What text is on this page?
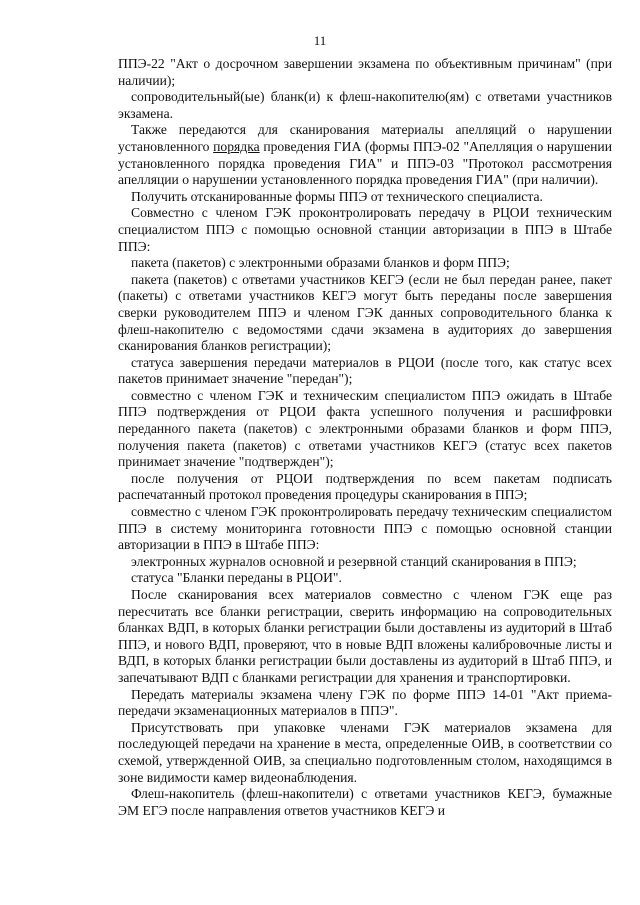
11

ППЭ-22 "Акт о досрочном завершении экзамена по объективным причинам" (при наличии);

сопроводительный(ые) бланк(и) к флеш-накопителю(ям) с ответами участников экзамена.

Также передаются для сканирования материалы апелляций о нарушении установленного порядка проведения ГИА (формы ППЭ-02 "Апелляция о нарушении установленного порядка проведения ГИА" и ППЭ-03 "Протокол рассмотрения апелляции о нарушении установленного порядка проведения ГИА" (при наличии).

Получить отсканированные формы ППЭ от технического специалиста.

Совместно с членом ГЭК проконтролировать передачу в РЦОИ техническим специалистом ППЭ с помощью основной станции авторизации в ППЭ в Штабе ППЭ:

пакета (пакетов) с электронными образами бланков и форм ППЭ;

пакета (пакетов) с ответами участников КЕГЭ (если не был передан ранее, пакет (пакеты) с ответами участников КЕГЭ могут быть переданы после завершения сверки руководителем ППЭ и членом ГЭК данных сопроводительного бланка к флеш-накопителю с ведомостями сдачи экзамена в аудиториях до завершения сканирования бланков регистрации);

статуса завершения передачи материалов в РЦОИ (после того, как статус всех пакетов принимает значение "передан");

совместно с членом ГЭК и техническим специалистом ППЭ ожидать в Штабе ППЭ подтверждения от РЦОИ факта успешного получения и расшифровки переданного пакета (пакетов) с электронными образами бланков и форм ППЭ, получения пакета (пакетов) с ответами участников КЕГЭ (статус всех пакетов принимает значение "подтвержден");

после получения от РЦОИ подтверждения по всем пакетам подписать распечатанный протокол проведения процедуры сканирования в ППЭ;

совместно с членом ГЭК проконтролировать передачу техническим специалистом ППЭ в систему мониторинга готовности ППЭ с помощью основной станции авторизации в ППЭ в Штабе ППЭ:

электронных журналов основной и резервной станций сканирования в ППЭ;

статуса "Бланки переданы в РЦОИ".

После сканирования всех материалов совместно с членом ГЭК еще раз пересчитать все бланки регистрации, сверить информацию на сопроводительных бланках ВДП, в которых бланки регистрации были доставлены из аудиторий в Штаб ППЭ, и нового ВДП, проверяют, что в новые ВДП вложены калибровочные листы и ВДП, в которых бланки регистрации были доставлены из аудиторий в Штаб ППЭ, и запечатывают ВДП с бланками регистрации для хранения и транспортировки.

Передать материалы экзамена члену ГЭК по форме ППЭ 14-01 "Акт приема-передачи экзаменационных материалов в ППЭ".

Присутствовать при упаковке членами ГЭК материалов экзамена для последующей передачи на хранение в места, определенные ОИВ, в соответствии со схемой, утвержденной ОИВ, за специально подготовленным столом, находящимся в зоне видимости камер видеонаблюдения.

Флеш-накопитель (флеш-накопители) с ответами участников КЕГЭ, бумажные ЭМ ЕГЭ после направления ответов участников КЕГЭ и
